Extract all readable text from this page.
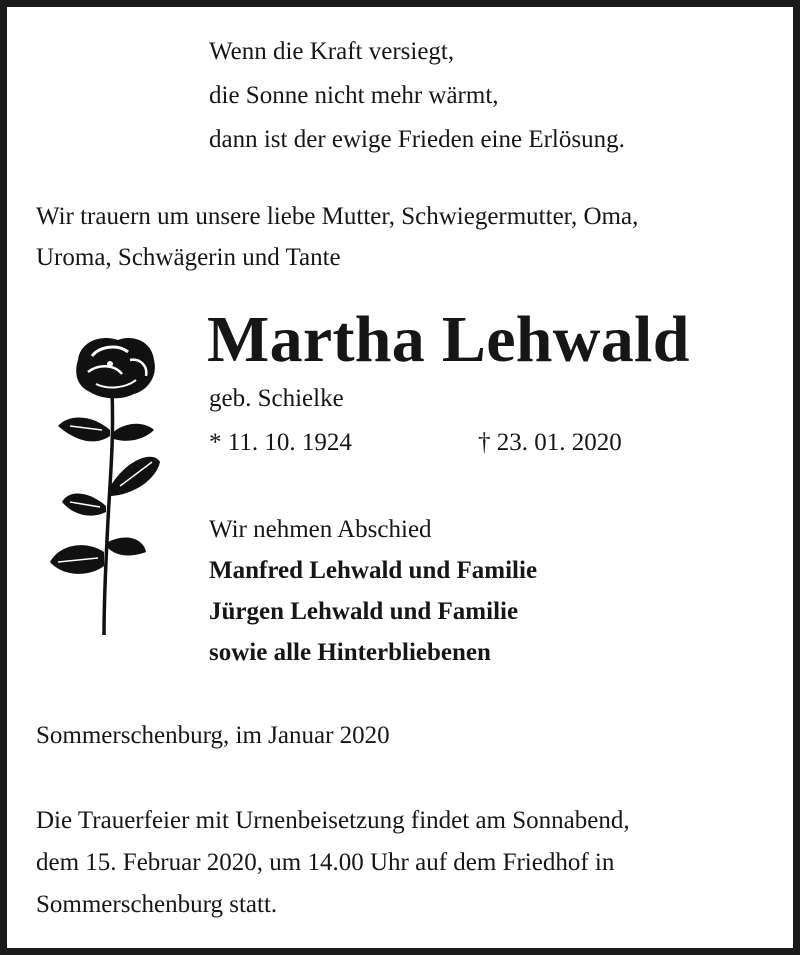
Wenn die Kraft versiegt,
die Sonne nicht mehr wärmt,
dann ist der ewige Frieden eine Erlösung.
Wir trauern um unsere liebe Mutter, Schwiegermutter, Oma,
Uroma, Schwägerin und Tante
Martha Lehwald
geb. Schielke
* 11. 10. 1924	† 23. 01. 2020
Wir nehmen Abschied
Manfred Lehwald und Familie
Jürgen Lehwald und Familie
sowie alle Hinterbliebenen
Sommerschenburg, im Januar 2020
Die Trauerfeier mit Urnenbeisetzung findet am Sonnabend,
dem 15. Februar 2020, um 14.00 Uhr auf dem Friedhof in
Sommerschenburg statt.
